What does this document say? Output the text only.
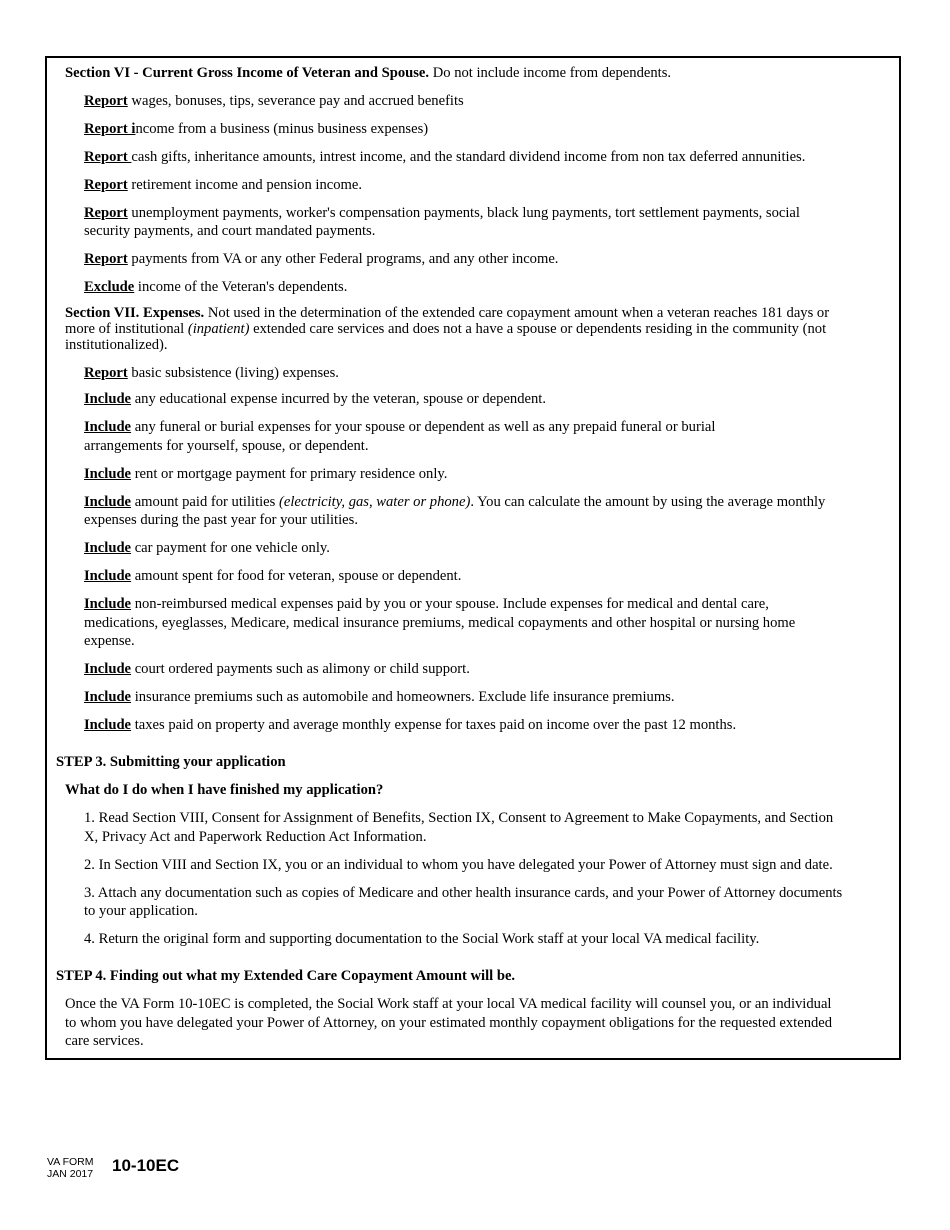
Section VI - Current Gross Income of Veteran and Spouse. Do not include income from dependents.
Report wages, bonuses, tips, severance pay and accrued benefits
Report income from a business (minus business expenses)
Report cash gifts, inheritance amounts, intrest income, and the standard dividend income from non tax deferred annunities.
Report retirement income and pension income.
Report unemployment payments, worker's compensation payments, black lung payments, tort settlement payments, social
security payments, and court mandated payments.
Report payments from VA or any other Federal programs, and any other income.
Exclude income of the Veteran's dependents.
Section VII. Expenses. Not used in the determination of the extended care copayment amount when a veteran reaches 181 days or
more of institutional (inpatient) extended care services and does not a have a spouse or dependents residing in the community (not
institutionalized).
Report basic subsistence (living) expenses.
Include any educational expense incurred by the veteran, spouse or dependent.
Include any funeral or burial expenses for your spouse or dependent as well as any prepaid funeral or burial
arrangements for yourself, spouse, or dependent.
Include rent or mortgage payment for primary residence only.
Include amount paid for utilities (electricity, gas, water or phone). You can calculate the amount by using the average monthly
expenses during the past year for your utilities.
Include car payment for one vehicle only.
Include amount spent for food for veteran, spouse or dependent.
Include non-reimbursed medical expenses paid by you or your spouse. Include expenses for medical and dental care,
medications, eyeglasses, Medicare, medical insurance premiums, medical copayments and other hospital or nursing home
expense.
Include court ordered payments such as alimony or child support.
Include insurance premiums such as automobile and homeowners. Exclude life insurance premiums.
Include taxes paid on property and average monthly expense for taxes paid on income over the past 12 months.
STEP 3. Submitting your application
What do I do when I have finished my application?
1. Read Section VIII, Consent for Assignment of Benefits, Section IX, Consent to Agreement to Make Copayments, and Section
X, Privacy Act and Paperwork Reduction Act Information.
2. In Section VIII and Section IX, you or an individual to whom you have delegated your Power of Attorney must sign and date.
3. Attach any documentation such as copies of Medicare and other health insurance cards, and your Power of Attorney documents
to your application.
4. Return the original form and supporting documentation to the Social Work staff at your local VA medical facility.
STEP 4. Finding out what my Extended Care Copayment Amount will be.
Once the VA Form 10-10EC is completed, the Social Work staff at your local VA medical facility will counsel you, or an individual
to whom you have delegated your Power of Attorney, on your estimated monthly copayment obligations for the requested extended
care services.
VA FORM
JAN 2017 10-10EC
